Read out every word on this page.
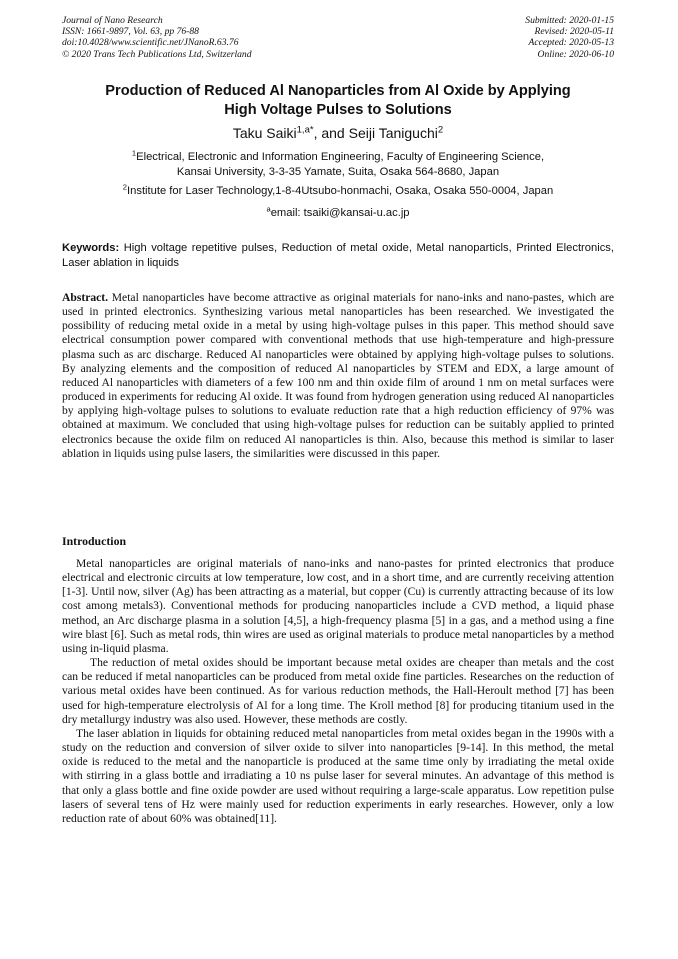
Journal of Nano Research
ISSN: 1661-9897, Vol. 63, pp 76-88
doi:10.4028/www.scientific.net/JNanoR.63.76
© 2020 Trans Tech Publications Ltd, Switzerland
Submitted: 2020-01-15
Revised: 2020-05-11
Accepted: 2020-05-13
Online: 2020-06-10
Production of Reduced Al Nanoparticles from Al Oxide by Applying
High Voltage Pulses to Solutions
Taku Saiki$^{1,a*}$, and Seiji Taniguchi$^2$
$^1$Electrical, Electronic and Information Engineering, Faculty of Engineering Science,
Kansai University, 3-3-35 Yamate, Suita, Osaka 564-8680, Japan
$^2$Institute for Laser Technology,1-8-4Utsubo-honmachi, Osaka, Osaka 550-0004, Japan
$^a$email: tsaiki@kansai-u.ac.jp
Keywords: High voltage repetitive pulses, Reduction of metal oxide, Metal nanoparticls, Printed Electronics, Laser ablation in liquids
Abstract. Metal nanoparticles have become attractive as original materials for nano-inks and nano-pastes, which are used in printed electronics. Synthesizing various metal nanoparticles has been researched. We investigated the possibility of reducing metal oxide in a metal by using high-voltage pulses in this paper. This method should save electrical consumption power compared with conventional methods that use high-temperature and high-pressure plasma such as arc discharge. Reduced Al nanoparticles were obtained by applying high-voltage pulses to solutions. By analyzing elements and the composition of reduced Al nanoparticles by STEM and EDX, a large amount of reduced Al nanoparticles with diameters of a few 100 nm and thin oxide film of around 1 nm on metal surfaces were produced in experiments for reducing Al oxide. It was found from hydrogen generation using reduced Al nanoparticles by applying high-voltage pulses to solutions to evaluate reduction rate that a high reduction efficiency of 97% was obtained at maximum. We concluded that using high-voltage pulses for reduction can be suitably applied to printed electronics because the oxide film on reduced Al nanoparticles is thin. Also, because this method is similar to laser ablation in liquids using pulse lasers, the similarities were discussed in this paper.
Introduction

Metal nanoparticles are original materials of nano-inks and nano-pastes for printed electronics that produce electrical and electronic circuits at low temperature, low cost, and in a short time, and are currently receiving attention [1-3]. Until now, silver (Ag) has been attracting as a material, but copper (Cu) is currently attracting because of its low cost among metals3). Conventional methods for producing nanoparticles include a CVD method, a liquid phase method, an Arc discharge plasma in a solution [4,5], a high-frequency plasma [5] in a gas, and a method using a fine wire blast [6]. Such as metal rods, thin wires are used as original materials to produce metal nanoparticles by a method using in-liquid plasma.

The reduction of metal oxides should be important because metal oxides are cheaper than metals and the cost can be reduced if metal nanoparticles can be produced from metal oxide fine particles. Researches on the reduction of various metal oxides have been continued. As for various reduction methods, the Hall-Heroult method [7] has been used for high-temperature electrolysis of Al for a long time. The Kroll method [8] for producing titanium used in the dry metallurgy industry was also used. However, these methods are costly.

The laser ablation in liquids for obtaining reduced metal nanoparticles from metal oxides began in the 1990s with a study on the reduction and conversion of silver oxide to silver into nanoparticles [9-14]. In this method, the metal oxide is reduced to the metal and the nanoparticle is produced at the same time only by irradiating the metal oxide with stirring in a glass bottle and irradiating a 10 ns pulse laser for several minutes. An advantage of this method is that only a glass bottle and fine oxide powder are used without requiring a large-scale apparatus. Low repetition pulse lasers of several tens of Hz were mainly used for reduction experiments in early researches. However, only a low reduction rate of about 60% was obtained[11].
